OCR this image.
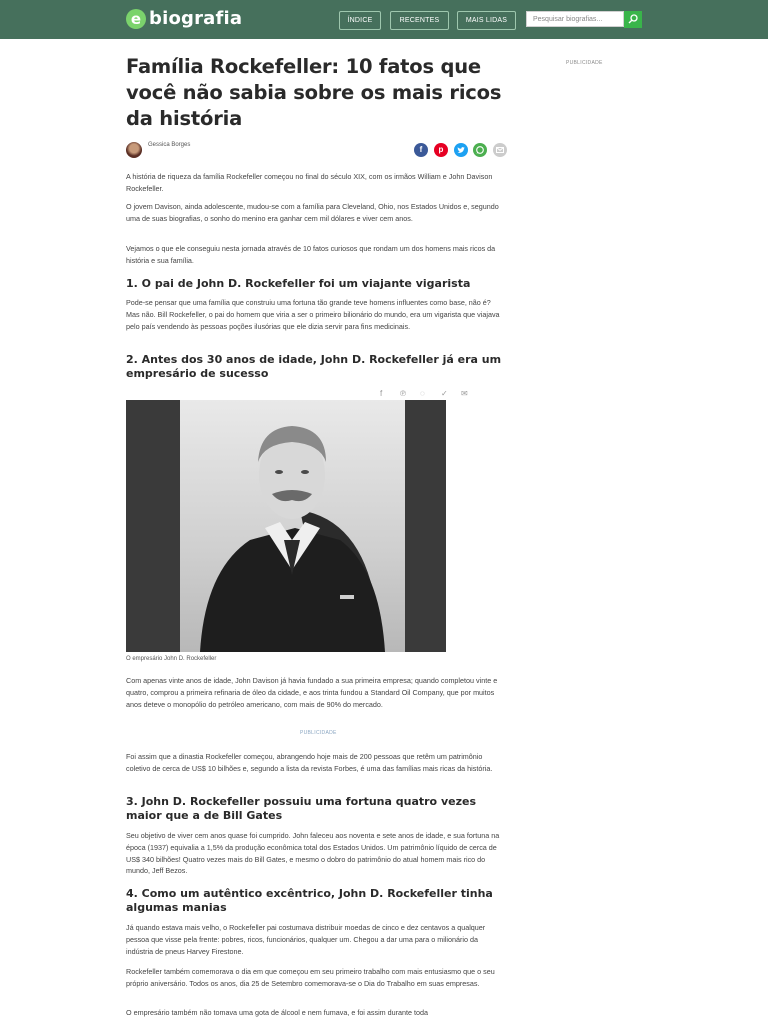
e biografia	ÍNDICE	RECENTES	MAIS LIDAS	Pesquisar biografias...
Família Rockefeller: 10 fatos que você não sabia sobre os mais ricos da história
PUBLICIDADE
Gessica Borges	f	p
A história de riqueza da família Rockefeller começou no final do século XIX, com os irmãos William e John Davison Rockefeller.
O jovem Davison, ainda adolescente, mudou-se com a família para Cleveland, Ohio, nos Estados Unidos e, segundo uma de suas biografias, o sonho do menino era ganhar cem mil dólares e viver cem anos.
Vejamos o que ele conseguiu nesta jornada através de 10 fatos curiosos que rondam um dos homens mais ricos da história e sua família.
1. O pai de John D. Rockefeller foi um viajante vigarista
Pode-se pensar que uma família que construiu uma fortuna tão grande teve homens influentes como base, não é? Mas não. Bill Rockefeller, o pai do homem que viria a ser o primeiro bilionário do mundo, era um vigarista que viajava pelo país vendendo às pessoas poções ilusórias que ele dizia servir para fins medicinais.
2. Antes dos 30 anos de idade, John D. Rockefeller já era um empresário de sucesso
f ℗ ◌ ✓ ✉
O empresário John D. Rockefeller
Com apenas vinte anos de idade, John Davison já havia fundado a sua primeira empresa; quando completou vinte e quatro, comprou a primeira refinaria de óleo da cidade, e aos trinta fundou a Standard Oil Company, que por muitos anos deteve o monopólio do petróleo americano, com mais de 90% do mercado.
PUBLICIDADE
Foi assim que a dinastia Rockefeller começou, abrangendo hoje mais de 200 pessoas que retêm um patrimônio coletivo de cerca de US$ 10 bilhões e, segundo a lista da revista Forbes, é uma das famílias mais ricas da história.
3. John D. Rockefeller possuiu uma fortuna quatro vezes maior que a de Bill Gates
Seu objetivo de viver cem anos quase foi cumprido. John faleceu aos noventa e sete anos de idade, e sua fortuna na época (1937) equivalia a 1,5% da produção econômica total dos Estados Unidos. Um patrimônio líquido de cerca de US$ 340 bilhões! Quatro vezes mais do Bill Gates, e mesmo o dobro do patrimônio do atual homem mais rico do mundo, Jeff Bezos.
4. Como um autêntico excêntrico, John D. Rockefeller tinha algumas manias
Já quando estava mais velho, o Rockefeller pai costumava distribuir moedas de cinco e dez centavos a qualquer pessoa que visse pela frente: pobres, ricos, funcionários, qualquer um. Chegou a dar uma para o milionário da indústria de pneus Harvey Firestone.
Rockefeller também comemorava o dia em que começou em seu primeiro trabalho com mais entusiasmo que o seu próprio aniversário. Todos os anos, dia 25 de Setembro comemorava-se o Dia do Trabalho em suas empresas.
O empresário também não tomava uma gota de álcool e nem fumava, e foi assim durante toda
